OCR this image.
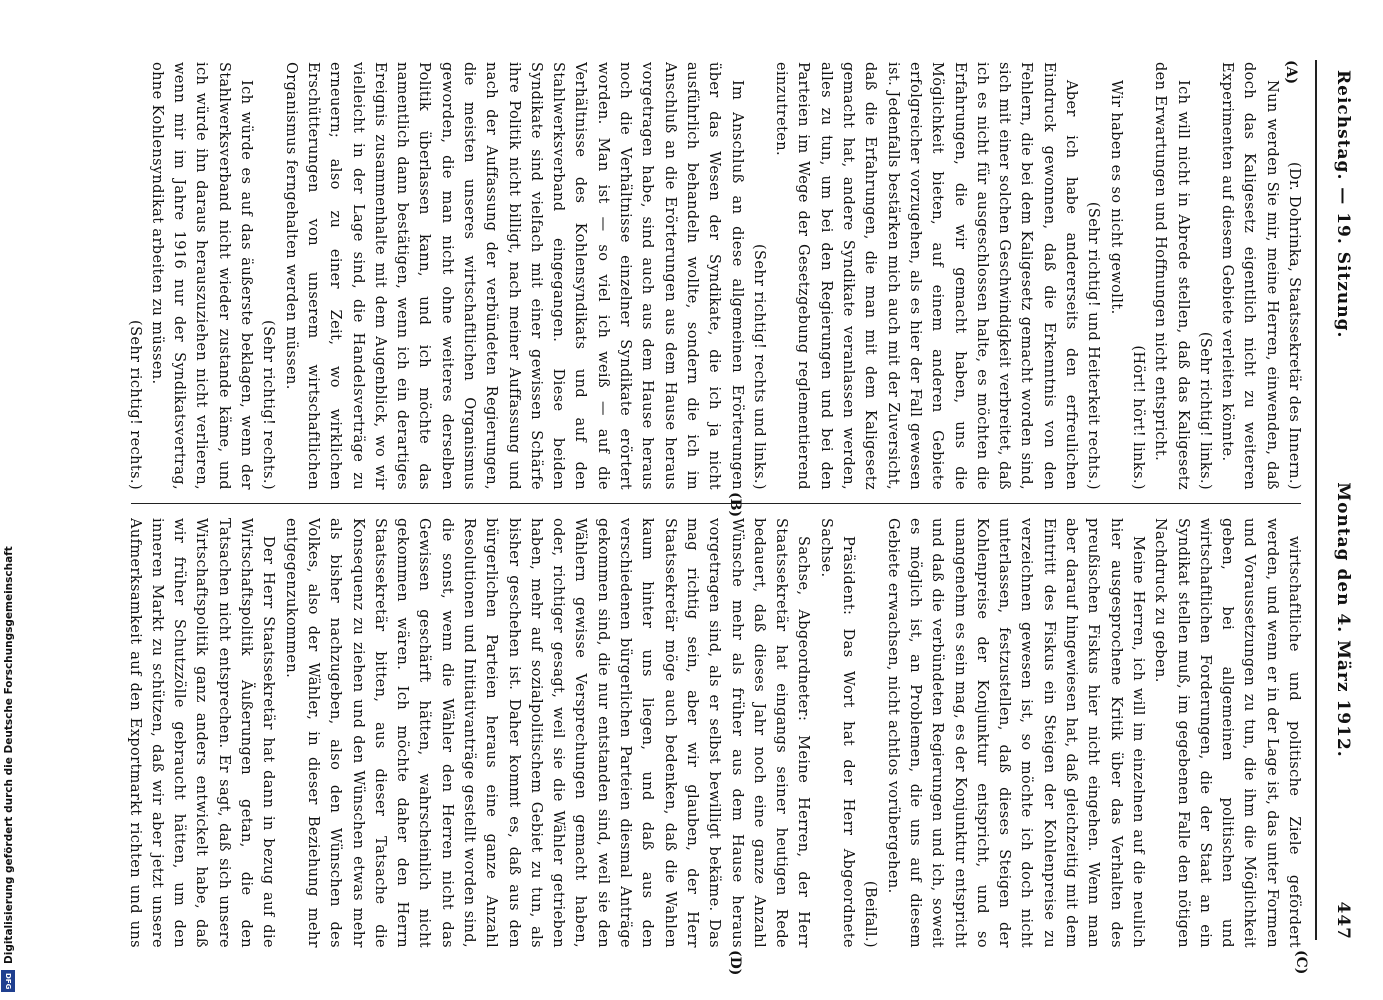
Reichstag. — 19. Sitzung.
Montag den 4. März 1912.
447
(A)
(C)
(D)
(B)

(Dr. Dohrinka, Staatssekretär des Innern.)

Nun werden Sie mir, meine Herren, einwenden, daß doch das Kaligesetz eigentlich nicht zu weiteren Experimenten auf diesem Gebiete verleiten könnte.

(Sehr richtig! links.)

Ich will nicht in Abrede stellen, daß das Kaligesetz den Erwartungen und Hoffnungen nicht entspricht.

(Hört! hört! links.)

Wir haben es so nicht gewollt.

(Sehr richtig! und Heiterkeit rechts.)

Aber ich habe andererseits den erfreulichen Eindruck gewonnen, daß die Erkenntnis von den Fehlern, die bei dem Kaligesetz gemacht worden sind, sich mit einer solchen Geschwindigkeit verbreitet, daß ich es nicht für ausgeschlossen halte, es möchten die Erfahrungen, die wir gemacht haben, uns die Möglichkeit bieten, auf einem anderen Gebiete erfolgreicher vorzugehen, als es hier der Fall gewesen ist. Jedenfalls bestärken mich auch mit der Zuversicht, daß die Erfahrungen, die man mit dem Kaligesetz gemacht hat, andere Syndikate veranlassen werden, alles zu tun, um bei den Regierungen und bei den Parteien im Wege der Gesetzgebung reglementierend einzutreten.

(Sehr richtig! rechts und links.)

Im Anschluß an diese allgemeinen Erörterungen über das Wesen der Syndikate, die ich ja nicht ausführlich behandeln wollte, sondern die ich im Anschluß an die Erörterungen aus dem Hause heraus vorgetragen habe, sind auch aus dem Hause heraus noch die Verhältnisse einzelner Syndikate erörtert worden. Man ist — so viel ich weiß — auf die Verhältnisse des Kohlensyndikats und auf den Stahlwerksverband eingegangen. Diese beiden Syndikate sind vielfach mit einer gewissen Schärfe ihre Politik nicht billigt, nach meiner Auffassung und nach der Auffassung der verbündeten Regierungen, die meisten unseres wirtschaftlichen Organismus geworden, die man nicht ohne weiteres derselben Politik überlassen kann, und ich möchte das namentlich dann bestätigen, wenn ich ein derartiges Ereignis zusammenhalte mit dem Augenblick, wo wir vielleicht in der Lage sind, die Handelsverträge zu erneuern; also zu einer Zeit, wo wirklichen Erschütterungen von unserem wirtschaftlichen Organismus ferngehalten werden müssen.

(Sehr richtig! rechts.)

Ich würde es auf das äußerste beklagen, wenn der Stahlwerksverband nicht wieder zustande käme, und ich würde ihn daraus herauszuziehen nicht verlieren, wenn mir im Jahre 1916 nur der Syndikatsvertrag, ohne Kohlensyndikat arbeiten zu müssen.

(Sehr richtig! rechts.)

wirtschaftliche und politische Ziele gefördert werden, und wenn er in der Lage ist, das unter Formen und Voraussetzungen zu tun, die ihm die Möglichkeit geben, bei allgemeinen politischen und wirtschaftlichen Forderungen, die der Staat an ein Syndikat stellen muß, im gegebenen Falle den nötigen Nachdruck zu geben.

Meine Herren, ich will im einzelnen auf die neulich hier ausgesprochene Kritik über das Verhalten des preußischen Fiskus hier nicht eingehen. Wenn man aber darauf hingewiesen hat, daß gleichzeitig mit dem Eintritt des Fiskus ein Steigen der Kohlenpreise zu verzeichnen gewesen ist, so möchte ich doch nicht unterlassen, festzustellen, daß dieses Steigen der Kohlenpreise der Konjunktur entspricht, und so unangenehm es sein mag, es der Konjunktur entspricht und daß die verbündeten Regierungen und ich, soweit es möglich ist, an Problemen, die uns auf diesem Gebiete erwachsen, nicht achtlos vorübergehen.

(Beifall.)

Präsident: Das Wort hat der Herr Abgeordnete Sachse.

Sachse, Abgeordneter: Meine Herren, der Herr Staatssekretär hat eingangs seiner heutigen Rede bedauert, daß dieses Jahr noch eine ganze Anzahl Wünsche mehr als früher aus dem Hause heraus vorgetragen sind, als er selbst bewilligt bekäme. Das mag richtig sein, aber wir glauben, der Herr Staatssekretär möge auch bedenken, daß die Wahlen kaum hinter uns liegen, und daß aus den verschiedenen bürgerlichen Parteien diesmal Anträge gekommen sind, die nur entstanden sind, weil sie den Wählern gewisse Versprechungen gemacht haben, oder, richtiger gesagt, weil sie die Wähler getrieben haben, mehr auf sozialpolitischem Gebiet zu tun, als bisher geschehen ist. Daher kommt es, daß aus den bürgerlichen Parteien heraus eine ganze Anzahl Resolutionen und Initiativanträge gestellt worden sind, die sonst, wenn die Wähler den Herren nicht das Gewissen geschärft hätten, wahrscheinlich nicht gekommen wären. Ich möchte daher den Herrn Staatssekretär bitten, aus dieser Tatsache die Konsequenz zu ziehen und den Wünschen etwas mehr als bisher nachzugeben, also den Wünschen des Volkes, also der Wähler, in dieser Beziehung mehr entgegenzukommen.

Der Herr Staatssekretär hat dann in bezug auf die Wirtschaftspolitik Äußerungen getan, die den Tatsachen nicht entsprechen. Er sagt, daß sich unsere Wirtschaftspolitik ganz anders entwickelt habe, daß wir früher Schutzzölle gebraucht hätten, um den inneren Markt zu schützen, daß wir aber jetzt unsere Aufmerksamkeit auf den Exportmarkt richten und uns

Digitalisierung gefördert durch die Deutsche Forschungsgemeinschaft
DFG
